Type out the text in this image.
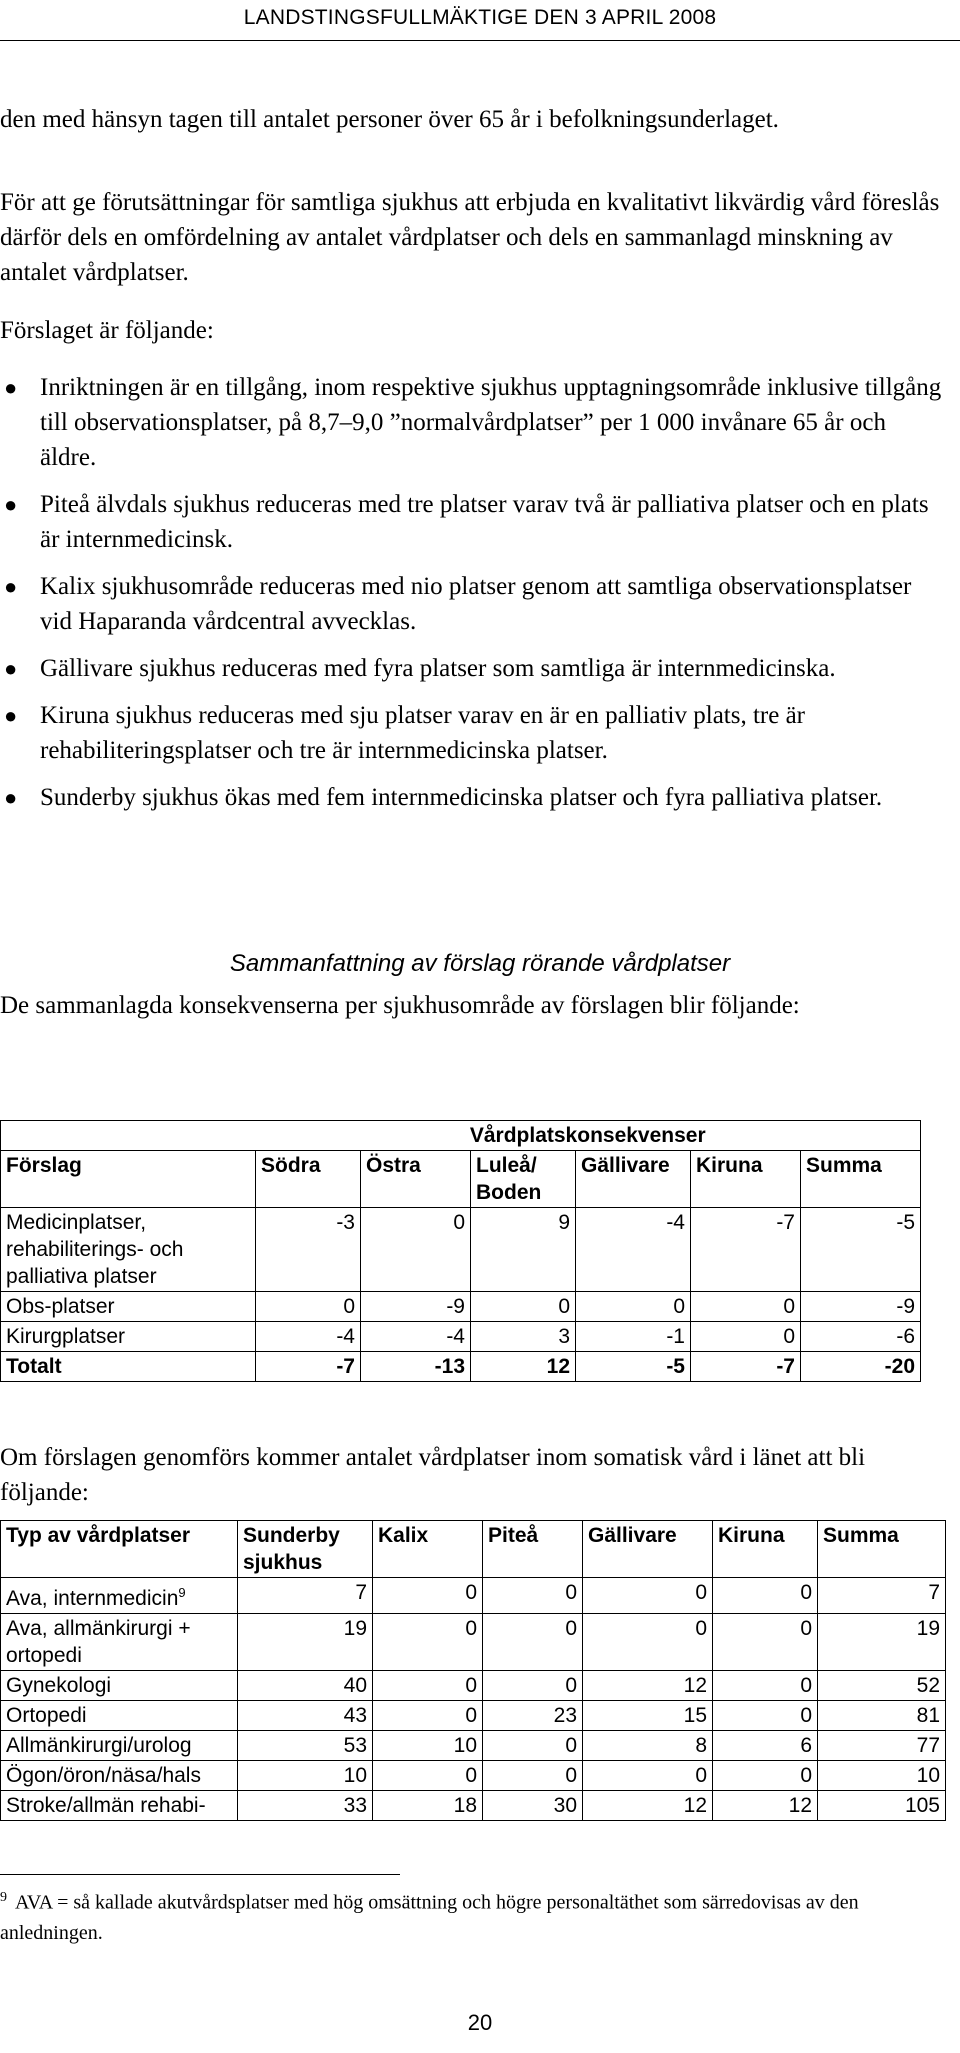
LANDSTINGSFULLMÄKTIGE DEN 3 APRIL 2008
den med hänsyn tagen till antalet personer över 65 år i befolkningsunderlaget.
För att ge förutsättningar för samtliga sjukhus att erbjuda en kvalitativt likvärdig vård föreslås därför dels en omfördelning av antalet vårdplatser och dels en sammanlagd minskning av antalet vårdplatser.
Förslaget är följande:
● Inriktningen är en tillgång, inom respektive sjukhus upptagningsområde inklusive tillgång till observationsplatser, på 8,7–9,0 ”normalvårdplatser” per 1 000 invånare 65 år och äldre.
● Piteå älvdals sjukhus reduceras med tre platser varav två är palliativa platser och en plats är internmedicinsk.
● Kalix sjukhusområde reduceras med nio platser genom att samtliga observationsplatser vid Haparanda vårdcentral avvecklas.
● Gällivare sjukhus reduceras med fyra platser som samtliga är internmedicinska.
● Kiruna sjukhus reduceras med sju platser varav en är en palliativ plats, tre är rehabiliteringsplatser och tre är internmedicinska platser.
● Sunderby sjukhus ökas med fem internmedicinska platser och fyra palliativa platser.
Sammanfattning av förslag rörande vårdplatser
De sammanlagda konsekvenserna per sjukhusområde av förslagen blir följande:
	Vårdplatskonsekvenser					
Förslag	Södra	Östra	Luleå/ Boden	Gällivare	Kiruna	Summa
Medicinplatser, rehabiliterings- och palliativa platser	-3	0	9	-4	-7	-5
Obs-platser	0	-9	0	0	0	-9
Kirurgplatser	-4	-4	3	-1	0	-6
Totalt	-7	-13	12	-5	-7	-20
Om förslagen genomförs kommer antalet vårdplatser inom somatisk vård i länet att bli följande:
Typ av vårdplatser	Sunderby sjukhus	Kalix	Piteå	Gällivare	Kiruna	Summa
Ava, internmedicin$^9$	7	0	0	0	0	7
Ava, allmänkirurgi + ortopedi	19	0	0	0	0	19
Gynekologi	40	0	0	12	0	52
Ortopedi	43	0	23	15	0	81
Allmänkirurgi/urolog	53	10	0	8	6	77
Ögon/öron/näsa/hals	10	0	0	0	0	10
Stroke/allmän rehabi-	33	18	30	12	12	105
$^9$ AVA = så kallade akutvårdsplatser med hög omsättning och högre personaltäthet som särredovisas av den anledningen.
20
